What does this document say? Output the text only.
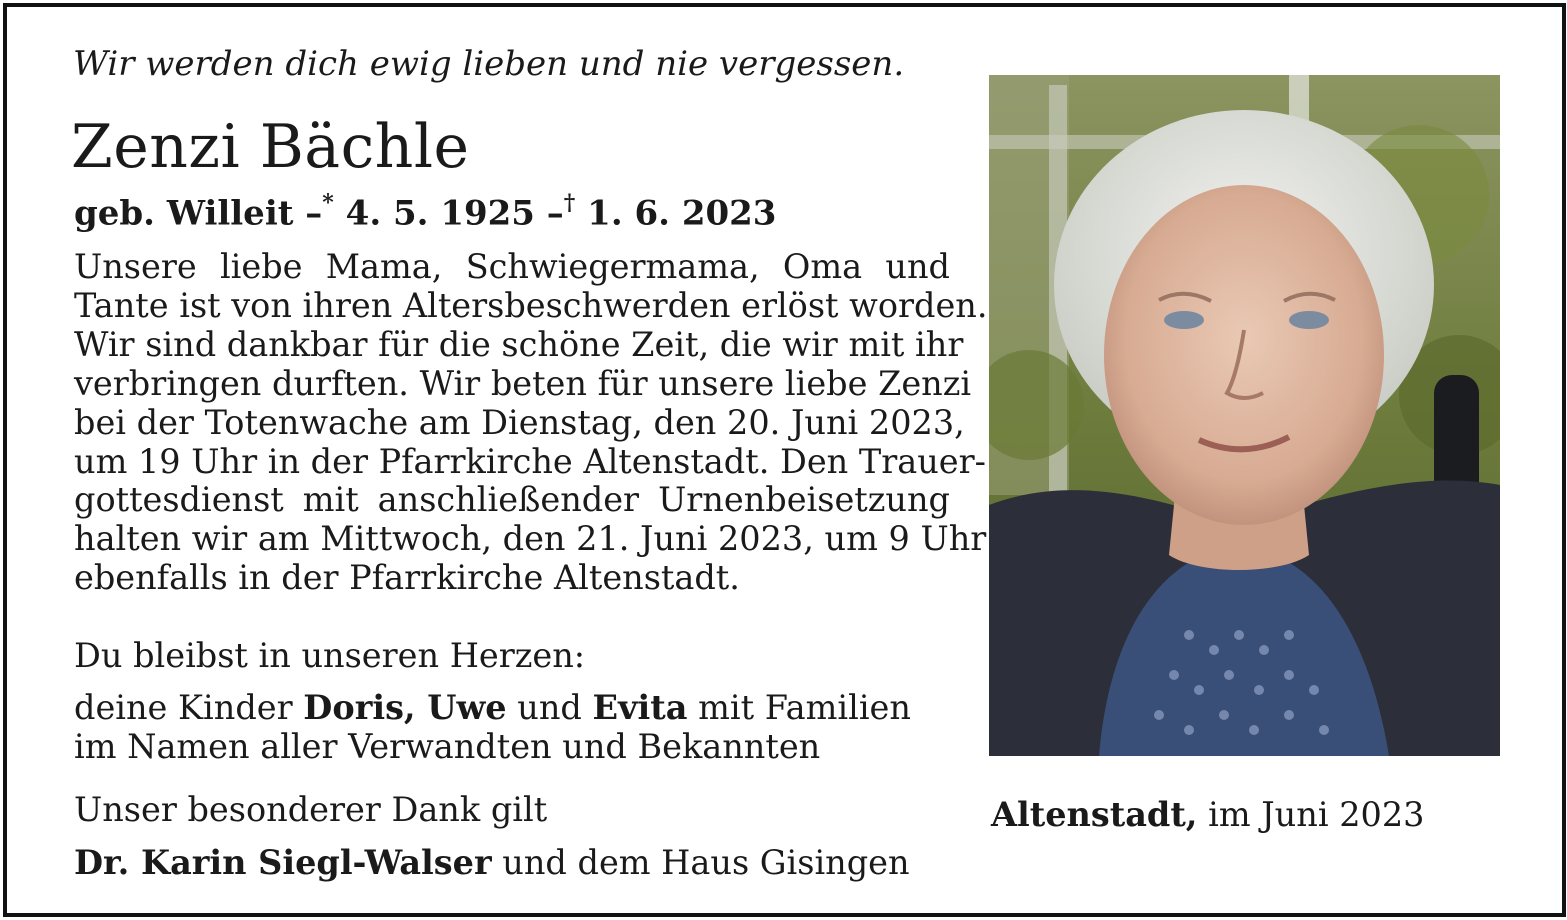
Wir werden dich ewig lieben und nie vergessen.

Zenzi Bächle
geb. Willeit –* 4. 5. 1925 –† 1. 6. 2023
Unsere liebe Mama, Schwiegermama, Oma und
Tante ist von ihren Altersbeschwerden erlöst worden.
Wir sind dankbar für die schöne Zeit, die wir mit ihr
verbringen durften. Wir beten für unsere liebe Zenzi
bei der Totenwache am Dienstag, den 20. Juni 2023,
um 19 Uhr in der Pfarrkirche Altenstadt. Den Trauer-
gottesdienst mit anschließender Urnenbeisetzung
halten wir am Mittwoch, den 21. Juni 2023, um 9 Uhr
ebenfalls in der Pfarrkirche Altenstadt.

Du bleibst in unseren Herzen:

deine Kinder Doris, Uwe und Evita mit Familien

im Namen aller Verwandten und Bekannten

Unser besonderer Dank gilt

Dr. Karin Siegl-Walser und dem Haus Gisingen

Altenstadt, im Juni 2023
